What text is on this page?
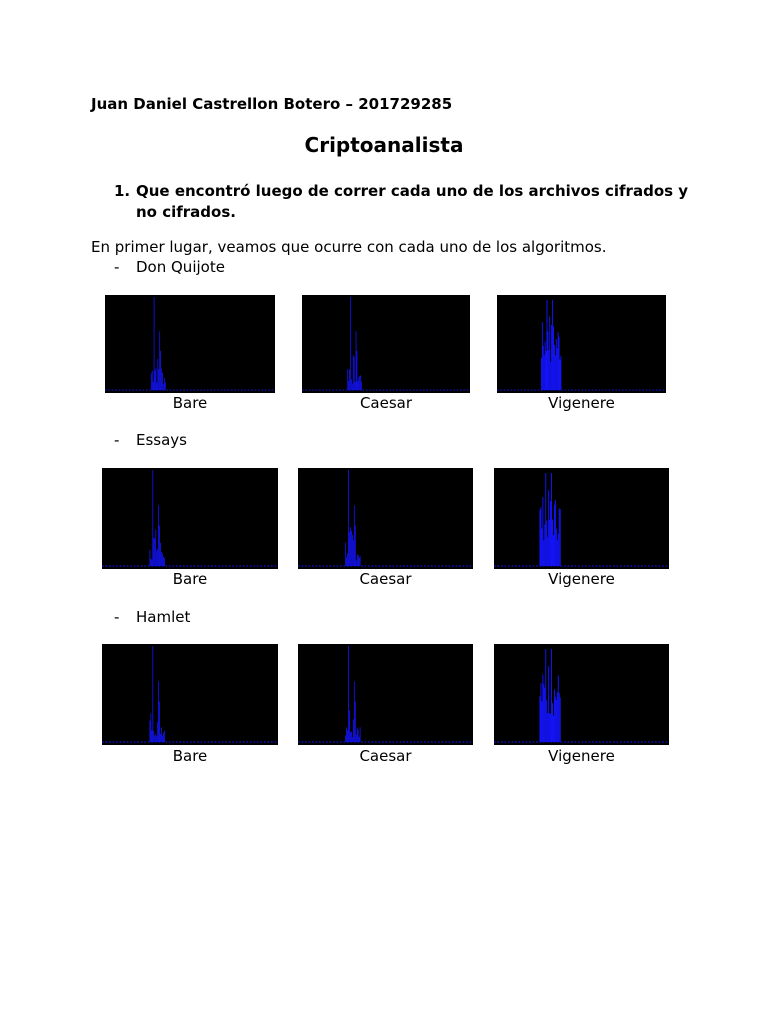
Juan Daniel Castrellon Botero – 201729285
Criptoanalista
1. Que encontró luego de correr cada uno de los archivos cifrados y no cifrados.
En primer lugar, veamos que ocurre con cada uno de los algoritmos.
- Don Quijote
Bare	Caesar	Vigenere
- Essays
Bare	Caesar	Vigenere
- Hamlet
Bare	Caesar	Vigenere
